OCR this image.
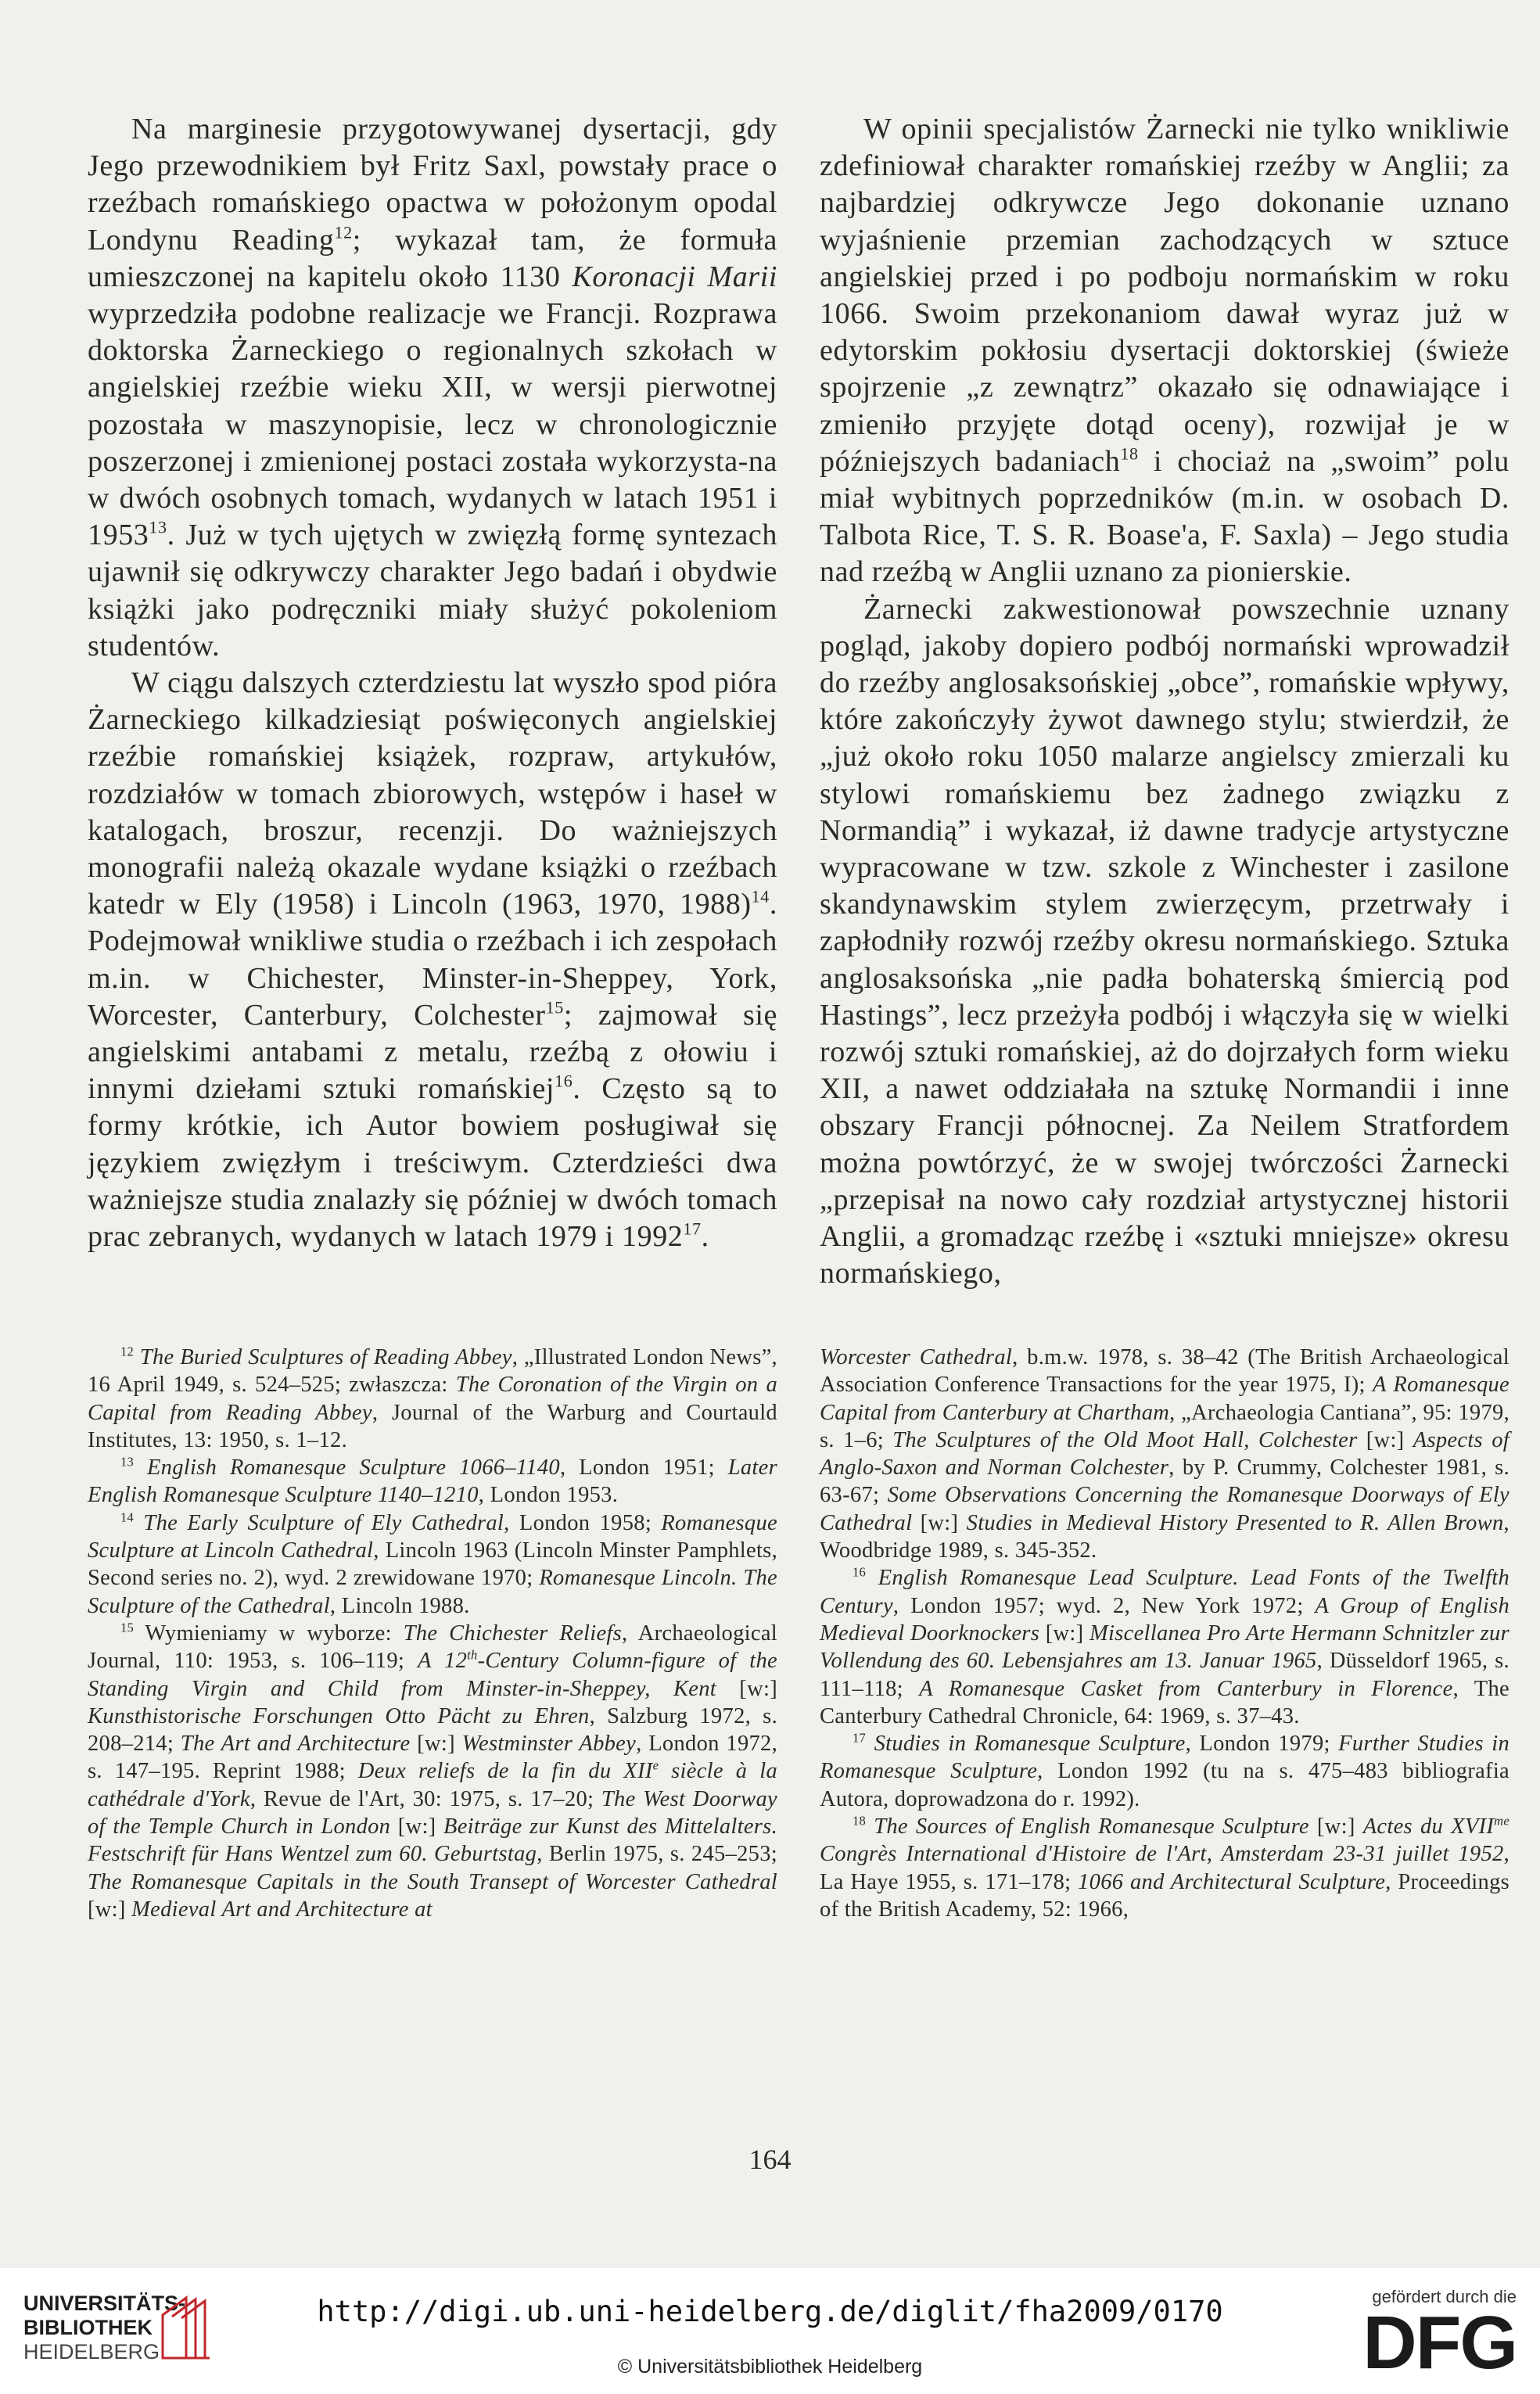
Na marginesie przygotowywanej dysertacji, gdy Jego przewodnikiem był Fritz Saxl, powstały prace o rzeźbach romańskiego opactwa w położonym opodal Londynu Reading$^{12}$; wykazał tam, że formuła umieszczonej na kapitelu około 1130 Koronacji Marii wyprzedziła podobne realizacje we Francji. Rozprawa doktorska Żarneckiego o regionalnych szkołach w angielskiej rzeźbie wieku XII, w wersji pierwotnej pozostała w maszynopisie, lecz w chronologicznie poszerzonej i zmienionej postaci została wykorzysta-na w dwóch osobnych tomach, wydanych w latach 1951 i 1953$^{13}$. Już w tych ujętych w zwięzłą formę syntezach ujawnił się odkrywczy charakter Jego badań i obydwie książki jako podręczniki miały służyć pokoleniom studentów.

W ciągu dalszych czterdziestu lat wyszło spod pióra Żarneckiego kilkadziesiąt poświęconych angielskiej rzeźbie romańskiej książek, rozpraw, artykułów, rozdziałów w tomach zbiorowych, wstępów i haseł w katalogach, broszur, recenzji. Do ważniejszych monografii należą okazale wydane książki o rzeźbach katedr w Ely (1958) i Lincoln (1963, 1970, 1988)$^{14}$. Podejmował wnikliwe studia o rzeźbach i ich zespołach m.in. w Chichester, Minster-in-Sheppey, York, Worcester, Canterbury, Colchester$^{15}$; zajmował się angielskimi antabami z metalu, rzeźbą z ołowiu i innymi dziełami sztuki romańskiej$^{16}$. Często są to formy krótkie, ich Autor bowiem posługiwał się językiem zwięzłym i treściwym. Czterdzieści dwa ważniejsze studia znalazły się później w dwóch tomach prac zebranych, wydanych w latach 1979 i 1992$^{17}$.

W opinii specjalistów Żarnecki nie tylko wnikliwie zdefiniował charakter romańskiej rzeźby w Anglii; za najbardziej odkrywcze Jego dokonanie uznano wyjaśnienie przemian zachodzących w sztuce angielskiej przed i po podboju normańskim w roku 1066. Swoim przekonaniom dawał wyraz już w edytorskim pokłosiu dysertacji doktorskiej (świeże spojrzenie „z zewnątrz” okazało się odnawiające i zmieniło przyjęte dotąd oceny), rozwijał je w późniejszych badaniach$^{18}$ i chociaż na „swoim” polu miał wybitnych poprzedników (m.in. w osobach D. Talbota Rice, T. S. R. Boase'a, F. Saxla) – Jego studia nad rzeźbą w Anglii uznano za pionierskie.

Żarnecki zakwestionował powszechnie uznany pogląd, jakoby dopiero podbój normański wprowadził do rzeźby anglosaksońskiej „obce”, romańskie wpływy, które zakończyły żywot dawnego stylu; stwierdził, że „już około roku 1050 malarze angielscy zmierzali ku stylowi romańskiemu bez żadnego związku z Normandią” i wykazał, iż dawne tradycje artystyczne wypracowane w tzw. szkole z Winchester i zasilone skandynawskim stylem zwierzęcym, przetrwały i zapłodniły rozwój rzeźby okresu normańskiego. Sztuka anglosaksońska „nie padła bohaterską śmiercią pod Hastings”, lecz przeżyła podbój i włączyła się w wielki rozwój sztuki romańskiej, aż do dojrzałych form wieku XII, a nawet oddziałała na sztukę Normandii i inne obszary Francji północnej. Za Neilem Stratfordem można powtórzyć, że w swojej twórczości Żarnecki „przepisał na nowo cały rozdział artystycznej historii Anglii, a gromadząc rzeźbę i «sztuki mniejsze» okresu normańskiego,

$^{12}$ The Buried Sculptures of Reading Abbey, „Illustrated London News”, 16 April 1949, s. 524–525; zwłaszcza: The Coronation of the Virgin on a Capital from Reading Abbey, Journal of the Warburg and Courtauld Institutes, 13: 1950, s. 1–12.

$^{13}$ English Romanesque Sculpture 1066–1140, London 1951; Later English Romanesque Sculpture 1140–1210, London 1953.

$^{14}$ The Early Sculpture of Ely Cathedral, London 1958; Romanesque Sculpture at Lincoln Cathedral, Lincoln 1963 (Lincoln Minster Pamphlets, Second series no. 2), wyd. 2 zrewidowane 1970; Romanesque Lincoln. The Sculpture of the Cathedral, Lincoln 1988.

$^{15}$ Wymieniamy w wyborze: The Chichester Reliefs, Archaeological Journal, 110: 1953, s. 106–119; A 12th-Century Column-figure of the Standing Virgin and Child from Minster-in-Sheppey, Kent [w:] Kunsthistorische Forschungen Otto Pächt zu Ehren, Salzburg 1972, s. 208–214; The Art and Architecture [w:] Westminster Abbey, London 1972, s. 147–195. Reprint 1988; Deux reliefs de la fin du XIIe siècle à la cathédrale d'York, Revue de l'Art, 30: 1975, s. 17–20; The West Doorway of the Temple Church in London [w:] Beiträge zur Kunst des Mittelalters. Festschrift für Hans Wentzel zum 60. Geburtstag, Berlin 1975, s. 245–253; The Romanesque Capitals in the South Transept of Worcester Cathedral [w:] Medieval Art and Architecture at

Worcester Cathedral, b.m.w. 1978, s. 38–42 (The British Archaeological Association Conference Transactions for the year 1975, I); A Romanesque Capital from Canterbury at Chartham, „Archaeologia Cantiana”, 95: 1979, s. 1–6; The Sculptures of the Old Moot Hall, Colchester [w:] Aspects of Anglo-Saxon and Norman Colchester, by P. Crummy, Colchester 1981, s. 63-67; Some Observations Concerning the Romanesque Doorways of Ely Cathedral [w:] Studies in Medieval History Presented to R. Allen Brown, Woodbridge 1989, s. 345-352.

$^{16}$ English Romanesque Lead Sculpture. Lead Fonts of the Twelfth Century, London 1957; wyd. 2, New York 1972; A Group of English Medieval Doorknockers [w:] Miscellanea Pro Arte Hermann Schnitzler zur Vollendung des 60. Lebensjahres am 13. Januar 1965, Düsseldorf 1965, s. 111–118; A Romanesque Casket from Canterbury in Florence, The Canterbury Cathedral Chronicle, 64: 1969, s. 37–43.

$^{17}$ Studies in Romanesque Sculpture, London 1979; Further Studies in Romanesque Sculpture, London 1992 (tu na s. 475–483 bibliografia Autora, doprowadzona do r. 1992).

$^{18}$ The Sources of English Romanesque Sculpture [w:] Actes du $XVII^{me}$ Congrès International d'Histoire de l'Art, Amsterdam 23-31 juillet 1952, La Haye 1955, s. 171–178; 1066 and Architectural Sculpture, Proceedings of the British Academy, 52: 1966,

164
UNIVERSITÄTS-
BIBLIOTHEK
HEIDELBERG
http://digi.ub.uni-heidelberg.de/diglit/fha2009/0170
© Universitätsbibliothek Heidelberg
gefördert durch die
DFG
